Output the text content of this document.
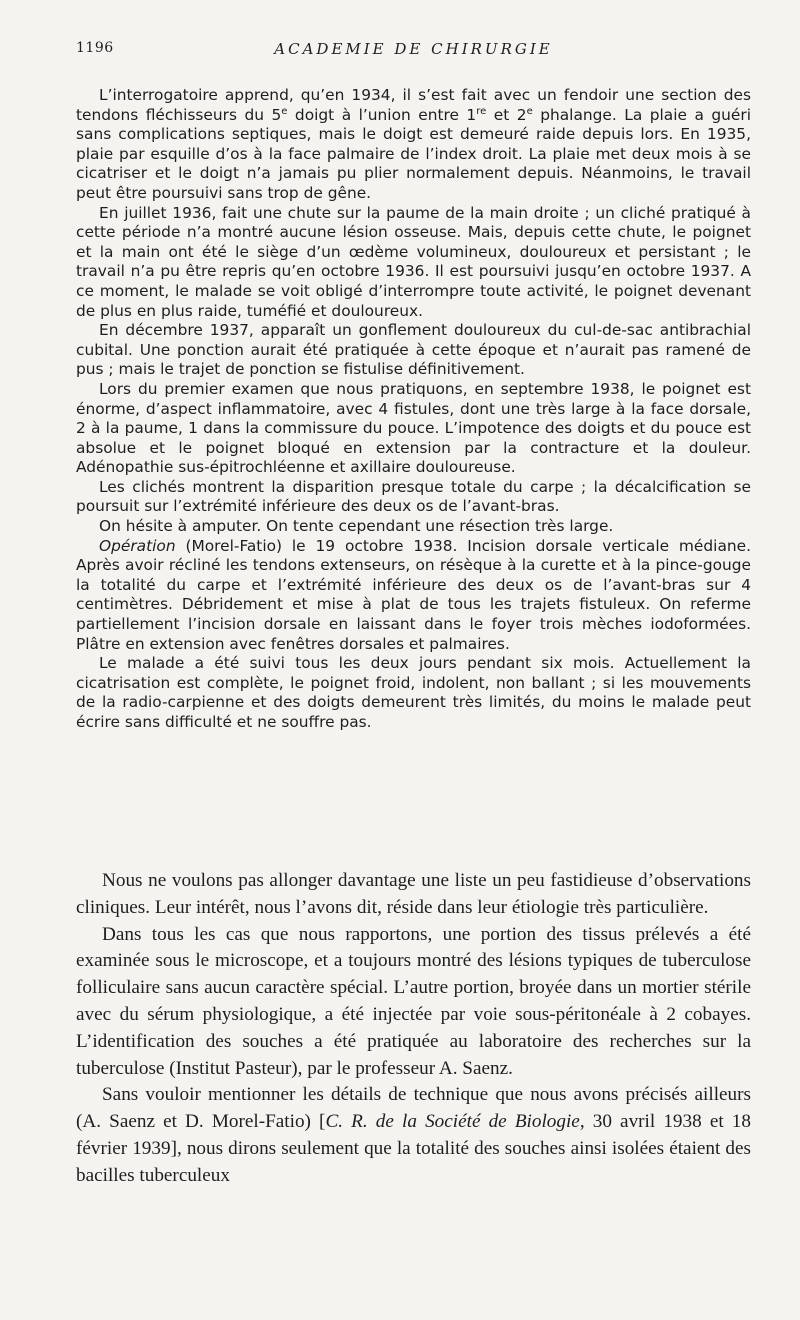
1196	ACADEMIE DE CHIRURGIE

L’interrogatoire apprend, qu’en 1934, il s’est fait avec un fendoir une section des tendons fléchisseurs du 5e doigt à l’union entre 1re et 2e phalange. La plaie a guéri sans complications septiques, mais le doigt est demeuré raide depuis lors. En 1935, plaie par esquille d’os à la face palmaire de l’index droit. La plaie met deux mois à se cicatriser et le doigt n’a jamais pu plier normalement depuis. Néanmoins, le travail peut être poursuivi sans trop de gêne.

En juillet 1936, fait une chute sur la paume de la main droite ; un cliché pratiqué à cette période n’a montré aucune lésion osseuse. Mais, depuis cette chute, le poignet et la main ont été le siège d’un œdème volumineux, douloureux et persistant ; le travail n’a pu être repris qu’en octobre 1936. Il est poursuivi jusqu’en octobre 1937. A ce moment, le malade se voit obligé d’interrompre toute activité, le poignet devenant de plus en plus raide, tuméfié et douloureux.

En décembre 1937, apparaît un gonflement douloureux du cul-de-sac antibrachial cubital. Une ponction aurait été pratiquée à cette époque et n’aurait pas ramené de pus ; mais le trajet de ponction se fistulise définitivement.

Lors du premier examen que nous pratiquons, en septembre 1938, le poignet est énorme, d’aspect inflammatoire, avec 4 fistules, dont une très large à la face dorsale, 2 à la paume, 1 dans la commissure du pouce. L’impotence des doigts et du pouce est absolue et le poignet bloqué en extension par la contracture et la douleur. Adénopathie sus-épitrochléenne et axillaire douloureuse.

Les clichés montrent la disparition presque totale du carpe ; la décalcification se poursuit sur l’extrémité inférieure des deux os de l’avant-bras.

On hésite à amputer. On tente cependant une résection très large.

Opération (Morel-Fatio) le 19 octobre 1938. Incision dorsale verticale médiane. Après avoir récliné les tendons extenseurs, on résèque à la curette et à la pince-gouge la totalité du carpe et l’extrémité inférieure des deux os de l’avant-bras sur 4 centimètres. Débridement et mise à plat de tous les trajets fistuleux. On referme partiellement l’incision dorsale en laissant dans le foyer trois mèches iodoformées. Plâtre en extension avec fenêtres dorsales et palmaires.

Le malade a été suivi tous les deux jours pendant six mois. Actuellement la cicatrisation est complète, le poignet froid, indolent, non ballant ; si les mouvements de la radio-carpienne et des doigts demeurent très limités, du moins le malade peut écrire sans difficulté et ne souffre pas.

Nous ne voulons pas allonger davantage une liste un peu fastidieuse d’observations cliniques. Leur intérêt, nous l’avons dit, réside dans leur étiologie très particulière.

Dans tous les cas que nous rapportons, une portion des tissus prélevés a été examinée sous le microscope, et a toujours montré des lésions typiques de tuberculose folliculaire sans aucun caractère spécial. L’autre portion, broyée dans un mortier stérile avec du sérum physiologique, a été injectée par voie sous-péritonéale à 2 cobayes. L’identification des souches a été pratiquée au laboratoire des recherches sur la tuberculose (Institut Pasteur), par le professeur A. Saenz.

Sans vouloir mentionner les détails de technique que nous avons précisés ailleurs (A. Saenz et D. Morel-Fatio) [C. R. de la Société de Biologie, 30 avril 1938 et 18 février 1939], nous dirons seulement que la totalité des souches ainsi isolées étaient des bacilles tuberculeux
